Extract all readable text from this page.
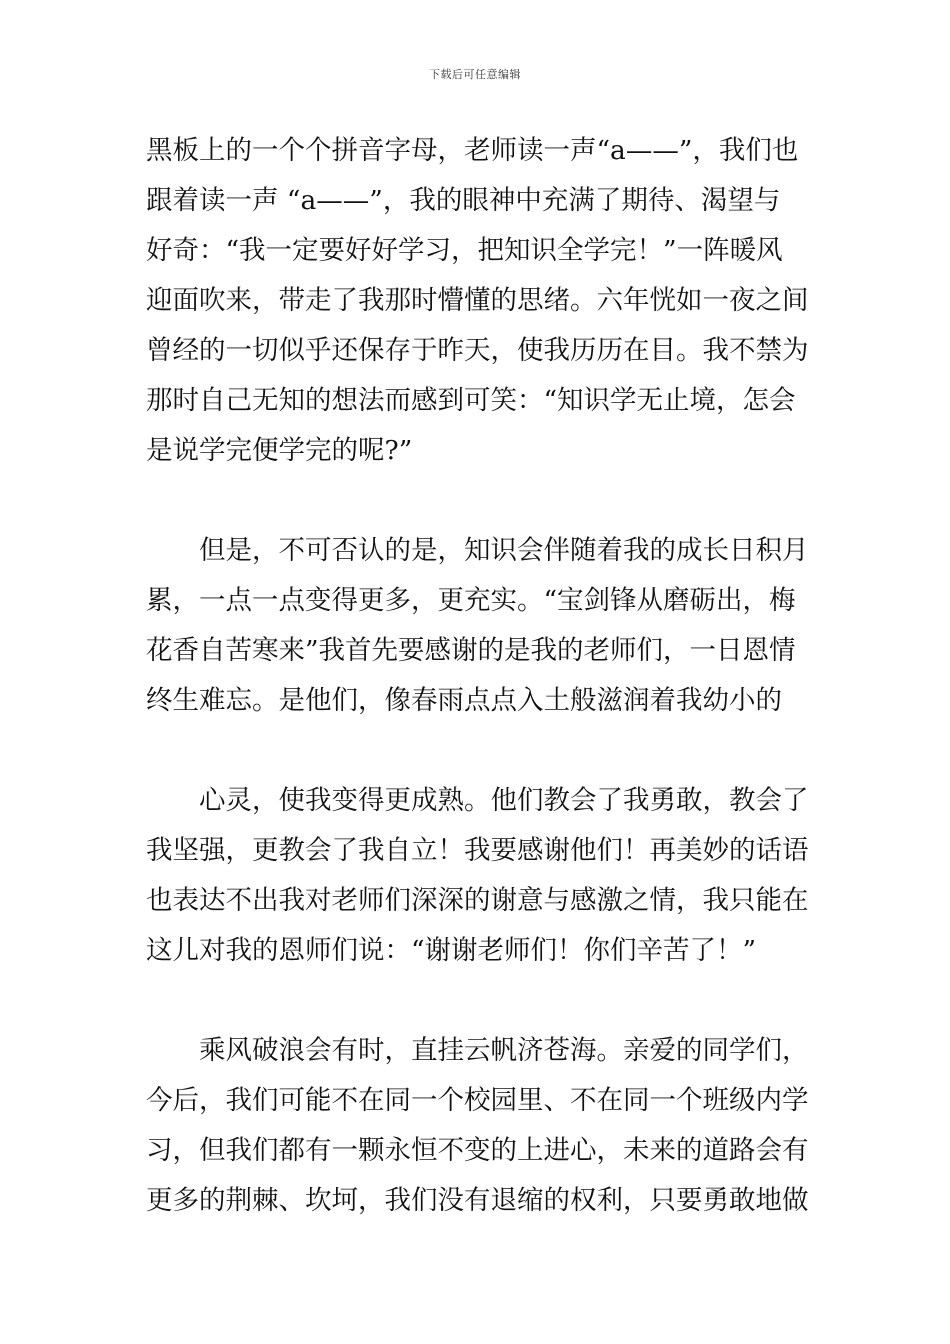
下载后可任意编辑

黑板上的一个个拼音字母，老师读一声“a——”，我们也
跟着读一声 “a——”，我的眼神中充满了期待、渴望与
好奇：“我一定要好好学习，把知识全学完！”一阵暖风
迎面吹来，带走了我那时懵懂的思绪。六年恍如一夜之间
曾经的一切似乎还保存于昨天，使我历历在目。我不禁为
那时自己无知的想法而感到可笑：“知识学无止境，怎会
是说学完便学完的呢?”

　　但是，不可否认的是，知识会伴随着我的成长日积月
累，一点一点变得更多，更充实。“宝剑锋从磨砺出，梅
花香自苦寒来”我首先要感谢的是我的老师们，一日恩情
终生难忘。是他们，像春雨点点入土般滋润着我幼小的

　　心灵，使我变得更成熟。他们教会了我勇敢，教会了
我坚强，更教会了我自立！我要感谢他们！再美妙的话语
也表达不出我对老师们深深的谢意与感激之情，我只能在
这儿对我的恩师们说：“谢谢老师们！你们辛苦了！”

　　乘风破浪会有时，直挂云帆济苍海。亲爱的同学们，
今后，我们可能不在同一个校园里、不在同一个班级内学
习，但我们都有一颗永恒不变的上进心，未来的道路会有
更多的荆棘、坎坷，我们没有退缩的权利，只要勇敢地做
